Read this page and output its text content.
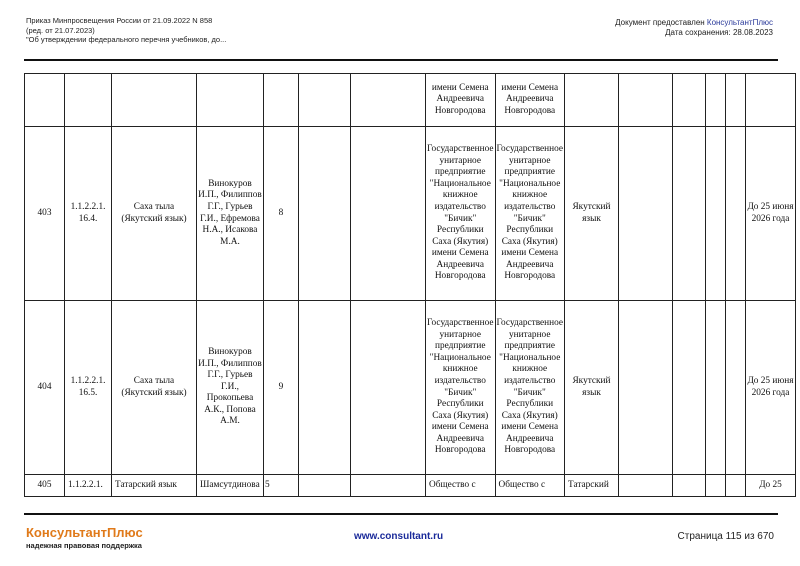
Приказ Минпросвещения России от 21.09.2022 N 858
(ред. от 21.07.2023)
"Об утверждении федерального перечня учебников, до...
Документ предоставлен КонсультантПлюс
Дата сохранения: 28.08.2023
							имени Семена Андреевича Новгородова	имени Семена Андреевича Новгородова						
403	1.1.2.2.1. 16.4.	Саха тыла (Якутский язык)	Винокуров И.П., Филиппов Г.Г., Гурьев Г.И., Ефремова Н.А., Исакова М.А.	8			Государственное унитарное предприятие "Национальное книжное издательство "Бичик" Республики Саха (Якутия) имени Семена Андреевича Новгородова	Государственное унитарное предприятие "Национальное книжное издательство "Бичик" Республики Саха (Якутия) имени Семена Андреевича Новгородова	Якутский язык					До 25 июня 2026 года
404	1.1.2.2.1. 16.5.	Саха тыла (Якутский язык)	Винокуров И.П., Филиппов Г.Г., Гурьев Г.И., Прокопьева А.К., Попова А.М.	9			Государственное унитарное предприятие "Национальное книжное издательство "Бичик" Республики Саха (Якутия) имени Семена Андреевича Новгородова	Государственное унитарное предприятие "Национальное книжное издательство "Бичик" Республики Саха (Якутия) имени Семена Андреевича Новгородова	Якутский язык					До 25 июня 2026 года
405	1.1.2.2.1.	Татарский язык	Шамсутдинова	5			Общество с	Общество с	Татарский					До 25
КонсультантПлюс
надежная правовая поддержка
www.consultant.ru	Страница 115 из 670
